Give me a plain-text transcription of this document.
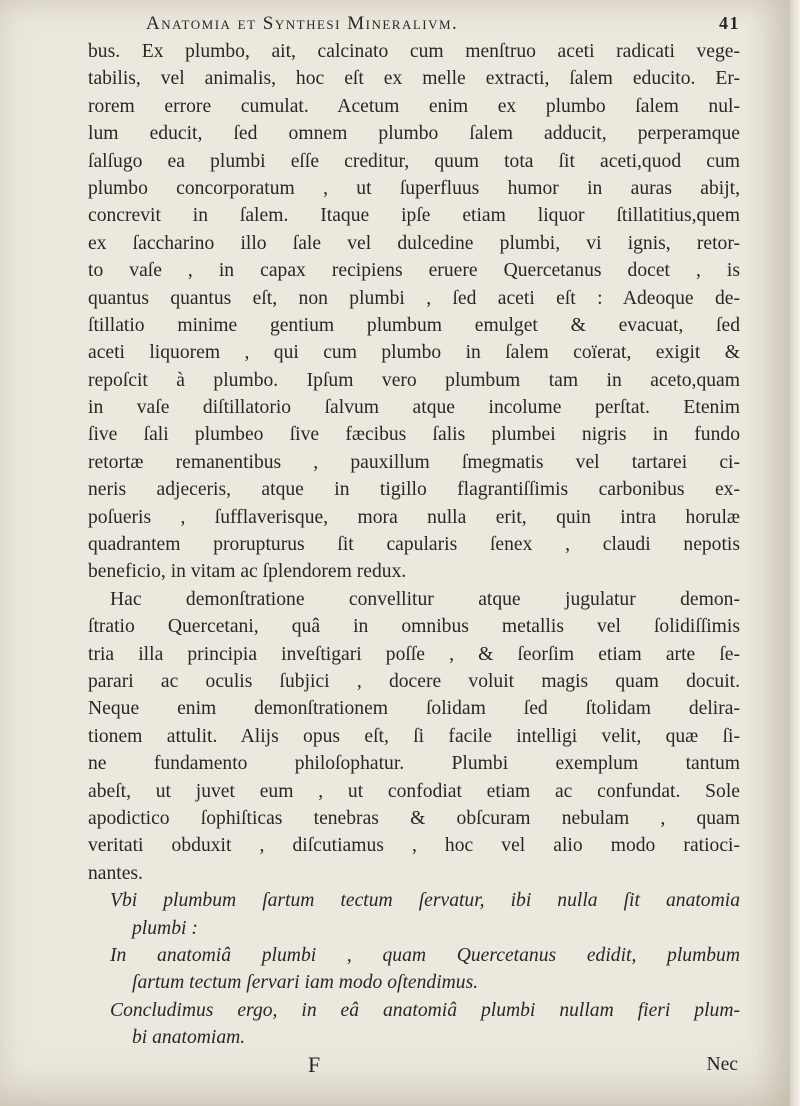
Anatomia et Synthesi Mineralivm.	41
bus. Ex plumbo, ait, calcinato cum menſtruo aceti radicati vege-
tabilis, vel animalis, hoc eſt ex melle extracti, ſalem educito. Er-
rorem errore cumulat. Acetum enim ex plumbo ſalem nul-
lum educit, ſed omnem plumbo ſalem adducit, perperamque
ſalſugo ea plumbi eſſe creditur, quum tota ſit aceti,quod cum
plumbo concorporatum , ut ſuperfluus humor in auras abijt,
concrevit in ſalem. Itaque ipſe etiam liquor ſtillatitius,quem
ex ſaccharino illo ſale vel dulcedine plumbi, vi ignis, retor-
to vaſe , in capax recipiens eruere Quercetanus docet , is
quantus quantus eſt, non plumbi , ſed aceti eſt : Adeoque de-
ſtillatio minime gentium plumbum emulget & evacuat, ſed
aceti liquorem , qui cum plumbo in ſalem coïerat, exigit &
repoſcit à plumbo. Ipſum vero plumbum tam in aceto,quam
in vaſe diſtillatorio ſalvum atque incolume perſtat. Etenim
ſive ſali plumbeo ſive fæcibus ſalis plumbei nigris in fundo
retortæ remanentibus , pauxillum ſmegmatis vel tartarei ci-
neris adjeceris, atque in tigillo flagrantiſſimis carbonibus ex-
poſueris , ſufflaverisque, mora nulla erit, quin intra horulæ
quadrantem prorupturus ſit capularis ſenex , claudi nepotis
beneficio, in vitam ac ſplendorem redux.
Hac demonſtratione convellitur atque jugulatur demon-
ſtratio Quercetani, quâ in omnibus metallis vel ſolidiſſimis
tria illa principia inveſtigari poſſe , & ſeorſim etiam arte ſe-
parari ac oculis ſubjici , docere voluit magis quam docuit.
Neque enim demonſtrationem ſolidam ſed ſtolidam delira-
tionem attulit. Alijs opus eſt, ſi facile intelligi velit, quæ ſi-
ne fundamento philoſophatur. Plumbi exemplum tantum
abeſt, ut juvet eum , ut confodiat etiam ac confundat. Sole
apodictico ſophiſticas tenebras & obſcuram nebulam , quam
veritati obduxit , diſcutiamus , hoc vel alio modo ratioci-
nantes.
Vbi plumbum ſartum tectum ſervatur, ibi nulla ſit anatomia
plumbi :
In anatomiâ plumbi , quam Quercetanus edidit, plumbum
ſartum tectum ſervari iam modo oſtendimus.
Concludimus ergo, in eâ anatomiâ plumbi nullam fieri plum-
bi anatomiam.
F	Nec
